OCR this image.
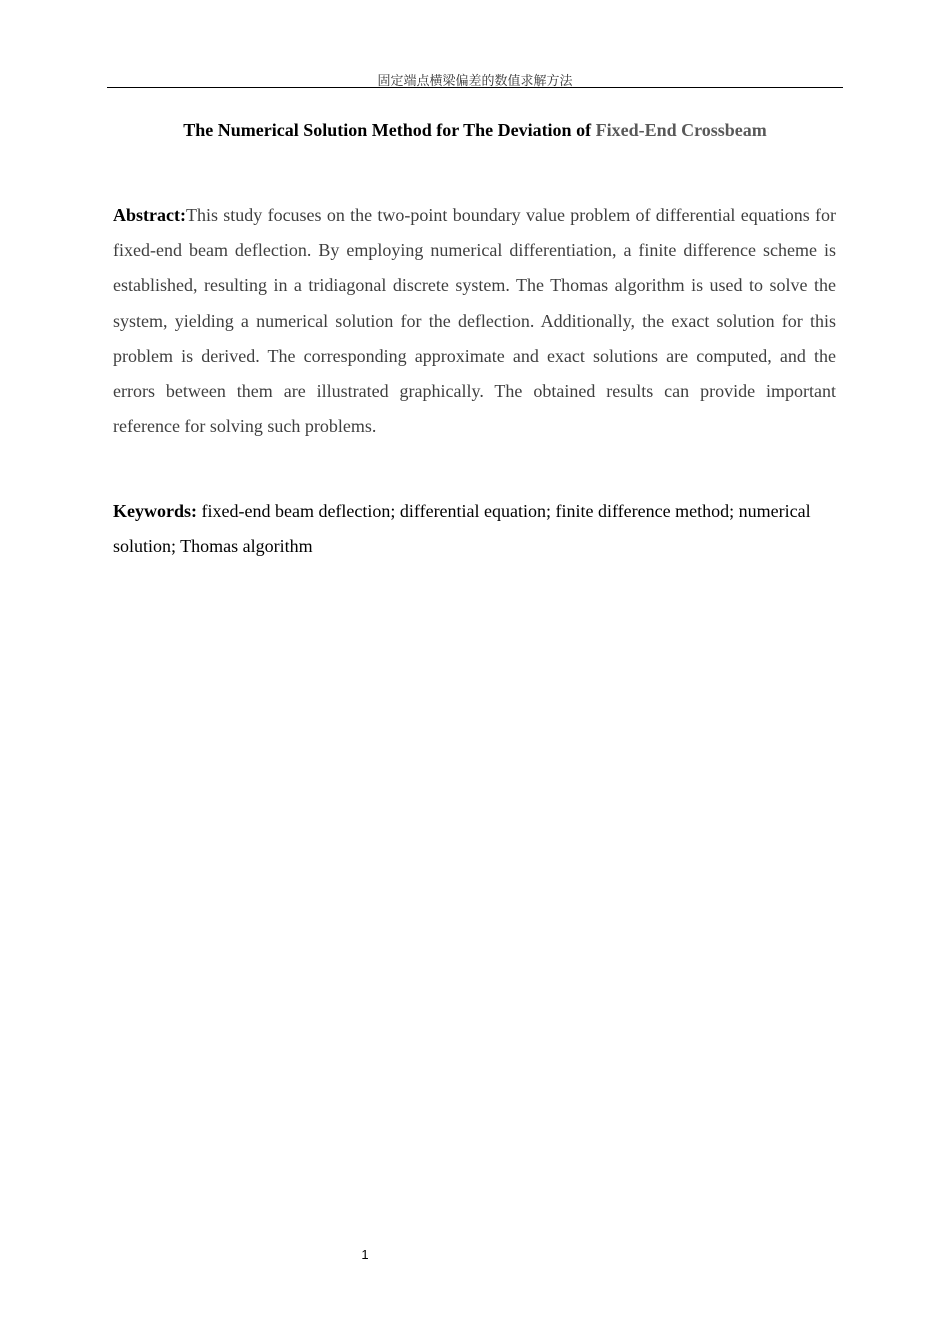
固定端点横梁偏差的数值求解方法
The Numerical Solution Method for The Deviation of Fixed-End Crossbeam

Abstract:This study focuses on the two-point boundary value problem of differential equations for fixed-end beam deflection. By employing numerical differentiation, a finite difference scheme is established, resulting in a tridiagonal discrete system. The Thomas algorithm is used to solve the system, yielding a numerical solution for the deflection. Additionally, the exact solution for this problem is derived. The corresponding approximate and exact solutions are computed, and the errors between them are illustrated graphically. The obtained results can provide important reference for solving such problems.

Keywords: fixed-end beam deflection; differential equation; finite difference method; numerical solution; Thomas algorithm

1
